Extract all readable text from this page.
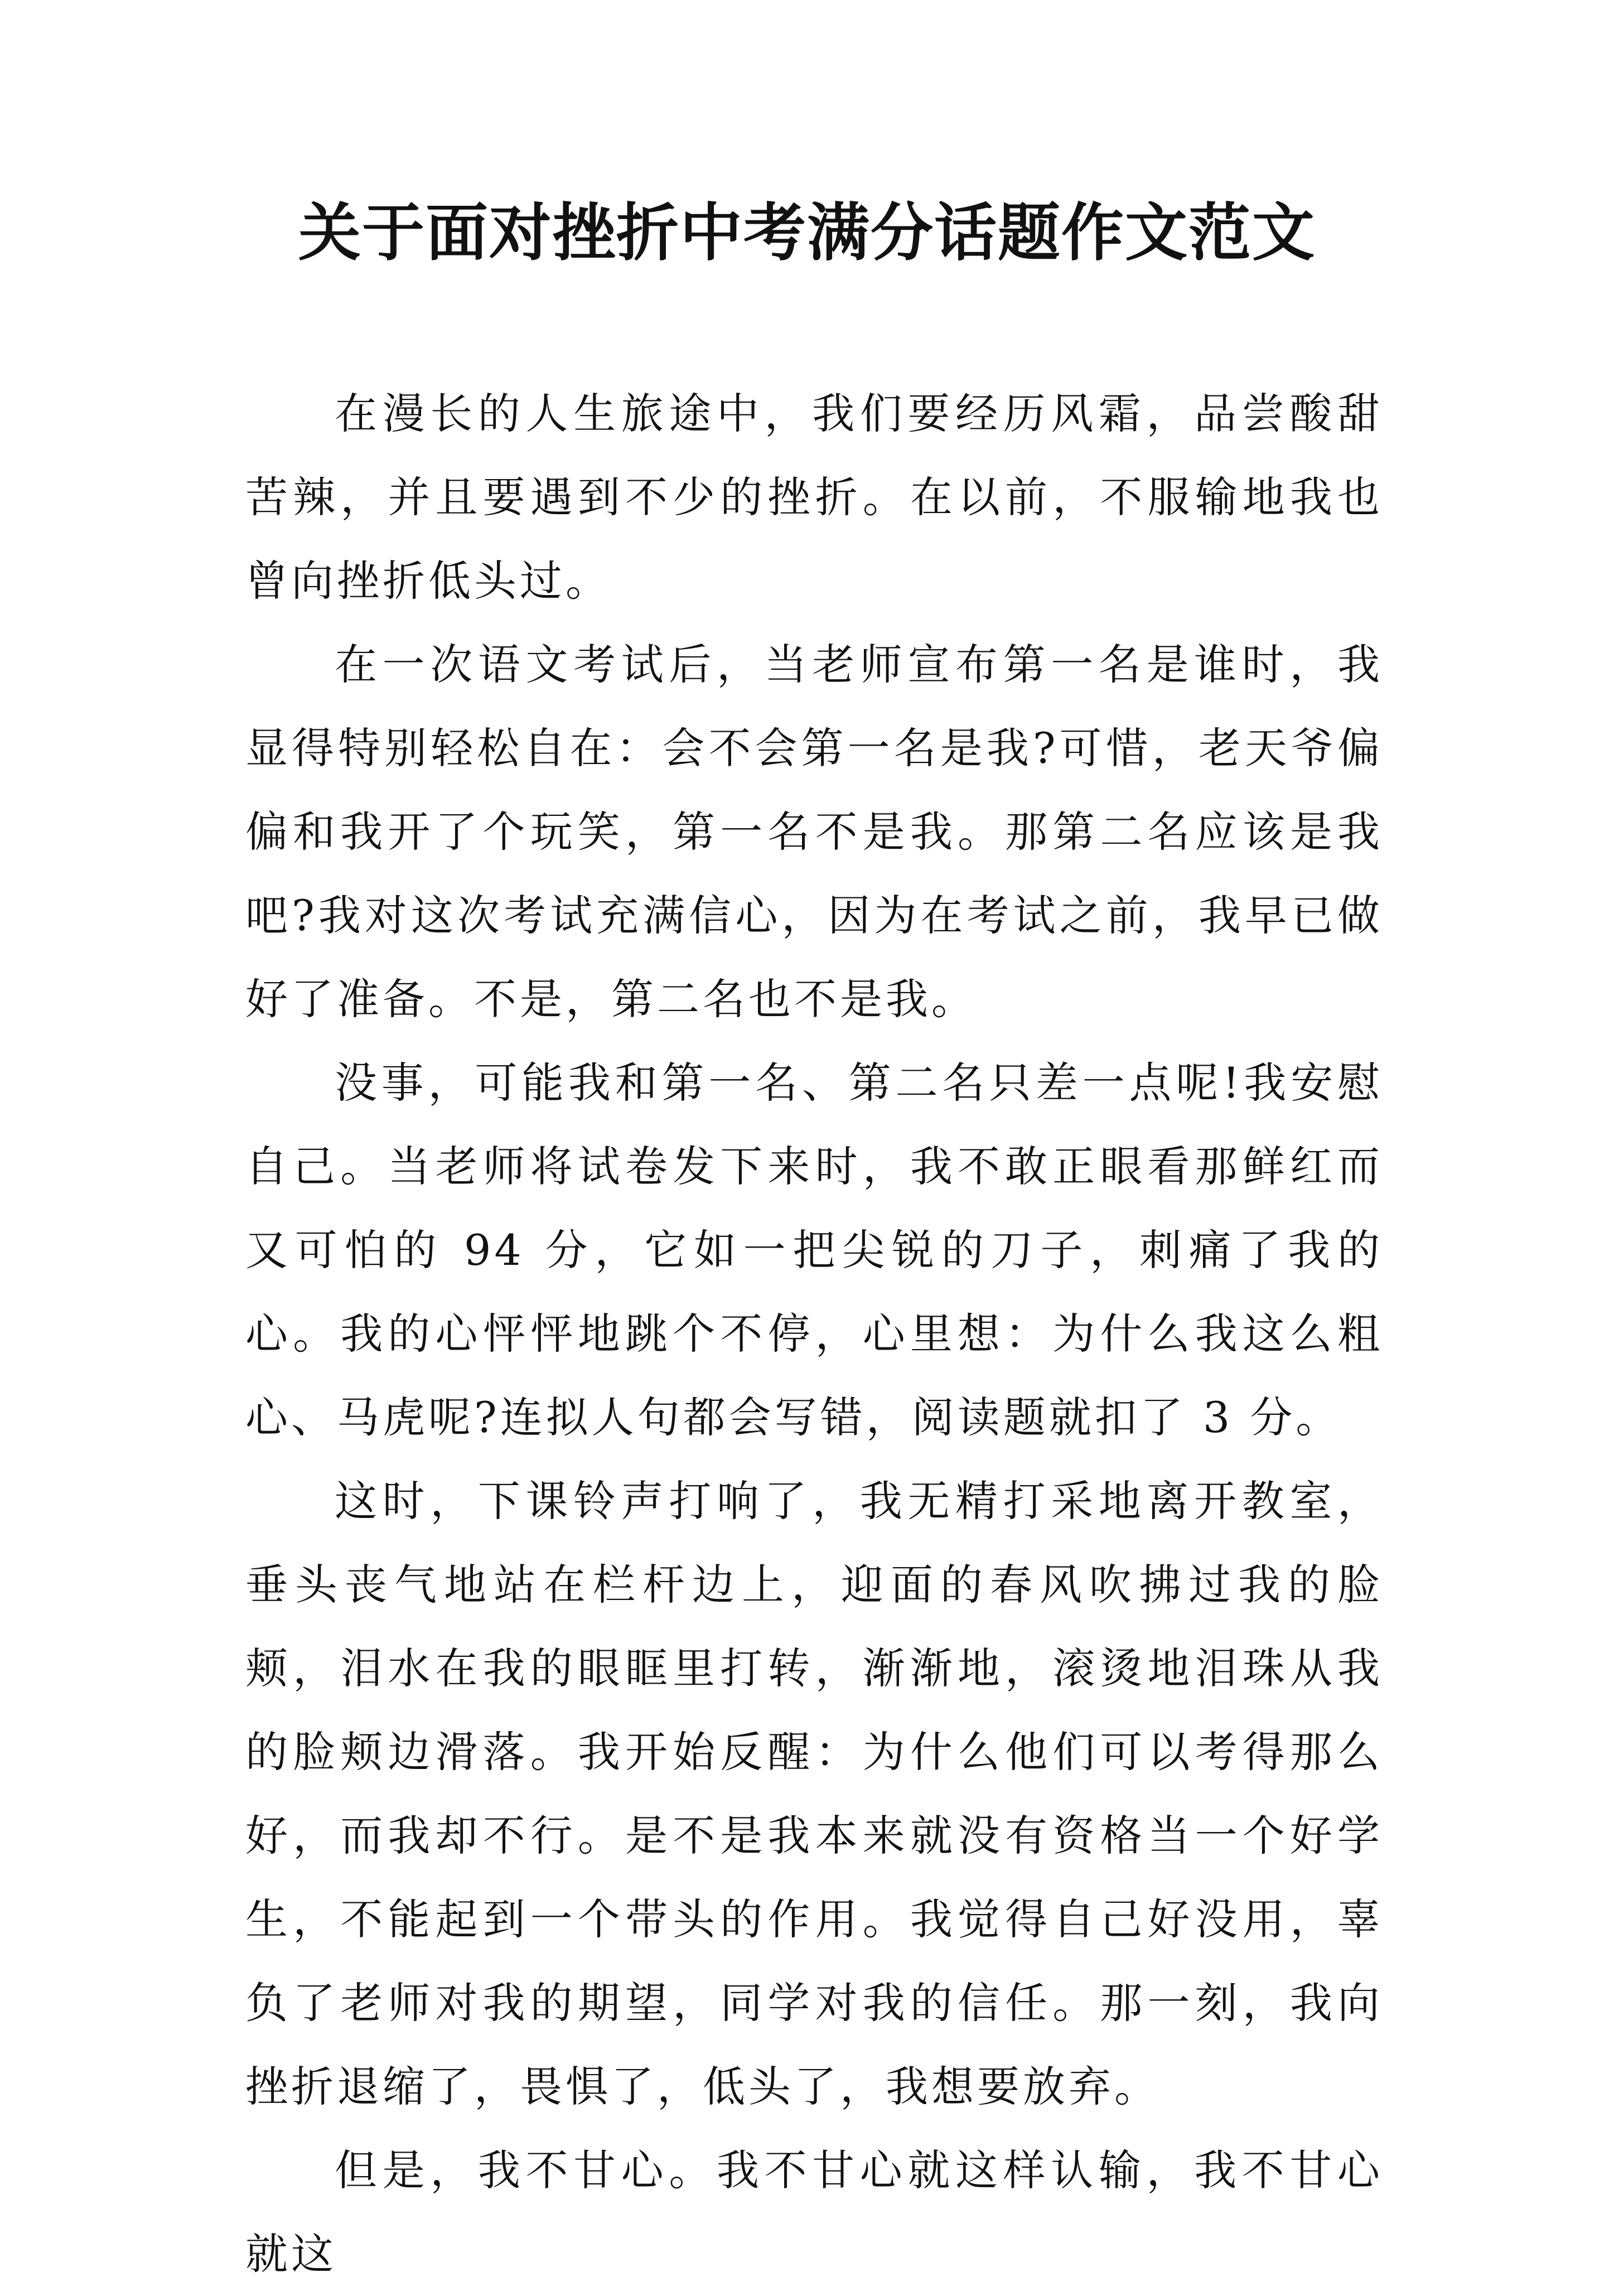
关于面对挫折中考满分话题作文范文

在漫长的人生旅途中，我们要经历风霜，品尝酸甜苦辣，并且要遇到不少的挫折。在以前，不服输地我也曾向挫折低头过。

在一次语文考试后，当老师宣布第一名是谁时，我显得特别轻松自在：会不会第一名是我?可惜，老天爷偏偏和我开了个玩笑，第一名不是我。那第二名应该是我吧?我对这次考试充满信心，因为在考试之前，我早已做好了准备。不是，第二名也不是我。

没事，可能我和第一名、第二名只差一点呢!我安慰自己。当老师将试卷发下来时，我不敢正眼看那鲜红而又可怕的 94 分，它如一把尖锐的刀子，刺痛了我的心。我的心怦怦地跳个不停，心里想：为什么我这么粗心、马虎呢?连拟人句都会写错，阅读题就扣了 3 分。

这时，下课铃声打响了，我无精打采地离开教室，垂头丧气地站在栏杆边上，迎面的春风吹拂过我的脸颊，泪水在我的眼眶里打转，渐渐地，滚烫地泪珠从我的脸颊边滑落。我开始反醒：为什么他们可以考得那么好，而我却不行。是不是我本来就没有资格当一个好学生，不能起到一个带头的作用。我觉得自己好没用，辜负了老师对我的期望，同学对我的信任。那一刻，我向挫折退缩了，畏惧了，低头了，我想要放弃。

但是，我不甘心。我不甘心就这样认输，我不甘心就这
